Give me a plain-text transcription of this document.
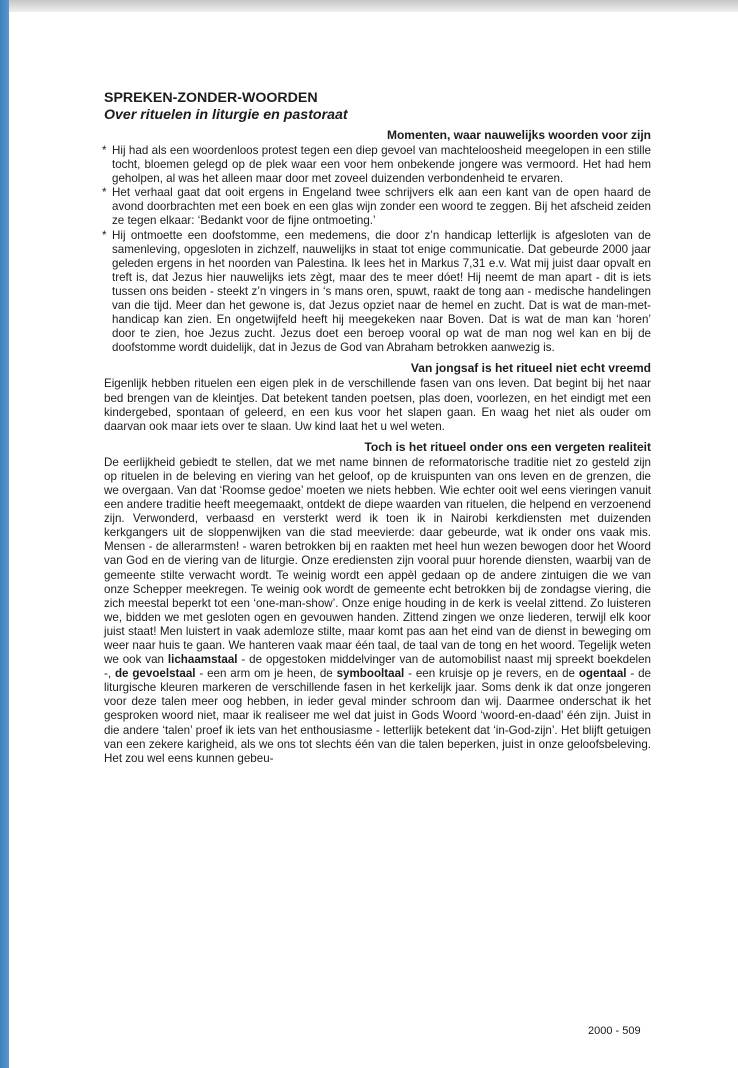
SPREKEN-ZONDER-WOORDEN
Over rituelen in liturgie en pastoraat
Momenten, waar nauwelijks woorden voor zijn
* Hij had als een woordenloos protest tegen een diep gevoel van machteloosheid meegelopen in een stille tocht, bloemen gelegd op de plek waar een voor hem onbekende jongere was vermoord. Het had hem geholpen, al was het alleen maar door met zoveel duizenden verbondenheid te ervaren.
* Het verhaal gaat dat ooit ergens in Engeland twee schrijvers elk aan een kant van de open haard de avond doorbrachten met een boek en een glas wijn zonder een woord te zeggen. Bij het afscheid zeiden ze tegen elkaar: ‘Bedankt voor de fijne ontmoeting.’
* Hij ontmoette een doofstomme, een medemens, die door z’n handicap letterlijk is afgesloten van de samenleving, opgesloten in zichzelf, nauwelijks in staat tot enige communicatie. Dat gebeurde 2000 jaar geleden ergens in het noorden van Palestina. Ik lees het in Markus 7,31 e.v. Wat mij juist daar opvalt en treft is, dat Jezus hier nauwelijks iets zègt, maar des te meer dóet! Hij neemt de man apart - dit is iets tussen ons beiden - steekt z’n vingers in ‘s mans oren, spuwt, raakt de tong aan - medische handelingen van die tijd. Meer dan het gewone is, dat Jezus opziet naar de hemel en zucht. Dat is wat de man-met-handicap kan zien. En ongetwijfeld heeft hij meegekeken naar Boven. Dat is wat de man kan ‘horen’ door te zien, hoe Jezus zucht. Jezus doet een beroep vooral op wat de man nog wel kan en bij de doofstomme wordt duidelijk, dat in Jezus de God van Abraham betrokken aanwezig is.
Van jongsaf is het ritueel niet echt vreemd

Eigenlijk hebben rituelen een eigen plek in de verschillende fasen van ons leven. Dat begint bij het naar bed brengen van de kleintjes. Dat betekent tanden poetsen, plas doen, voorlezen, en het eindigt met een kindergebed, spontaan of geleerd, en een kus voor het slapen gaan. En waag het niet als ouder om daarvan ook maar iets over te slaan. Uw kind laat het u wel weten.

Toch is het ritueel onder ons een vergeten realiteit

De eerlijkheid gebiedt te stellen, dat we met name binnen de reformatorische traditie niet zo gesteld zijn op rituelen in de beleving en viering van het geloof, op de kruispunten van ons leven en de grenzen, die we overgaan. Van dat ‘Roomse gedoe’ moeten we niets hebben. Wie echter ooit wel eens vieringen vanuit een andere traditie heeft meegemaakt, ontdekt de diepe waarden van rituelen, die helpend en verzoenend zijn. Verwonderd, verbaasd en versterkt werd ik toen ik in Nairobi kerkdiensten met duizenden kerkgangers uit de sloppenwijken van die stad meevierde: daar gebeurde, wat ik onder ons vaak mis. Mensen - de allerarmsten! - waren betrokken bij en raakten met heel hun wezen bewogen door het Woord van God en de viering van de liturgie. Onze erediensten zijn vooral puur horende diensten, waarbij van de gemeente stilte verwacht wordt. Te weinig wordt een appèl gedaan op de andere zintuigen die we van onze Schepper meekregen. Te weinig ook wordt de gemeente echt betrokken bij de zondagse viering, die zich meestal beperkt tot een ‘one-man-show’. Onze enige houding in de kerk is veelal zittend. Zo luisteren we, bidden we met gesloten ogen en gevouwen handen. Zittend zingen we onze liederen, terwijl elk koor juist staat! Men luistert in vaak ademloze stilte, maar komt pas aan het eind van de dienst in beweging om weer naar huis te gaan. We hanteren vaak maar één taal, de taal van de tong en het woord. Tegelijk weten we ook van lichaamstaal - de opgestoken middelvinger van de automobilist naast mij spreekt boekdelen -, de gevoelstaal - een arm om je heen, de symbooltaal - een kruisje op je revers, en de ogentaal - de liturgische kleuren markeren de verschillende fasen in het kerkelijk jaar. Soms denk ik dat onze jongeren voor deze talen meer oog hebben, in ieder geval minder schroom dan wij. Daarmee onderschat ik het gesproken woord niet, maar ik realiseer me wel dat juist in Gods Woord ‘woord-en-daad’ één zijn. Juist in die andere ‘talen’ proef ik iets van het enthousiasme - letterlijk betekent dat ‘in-God-zijn’. Het blijft getuigen van een zekere karigheid, als we ons tot slechts één van die talen beperken, juist in onze geloofsbeleving. Het zou wel eens kunnen gebeu-

2000 - 509
